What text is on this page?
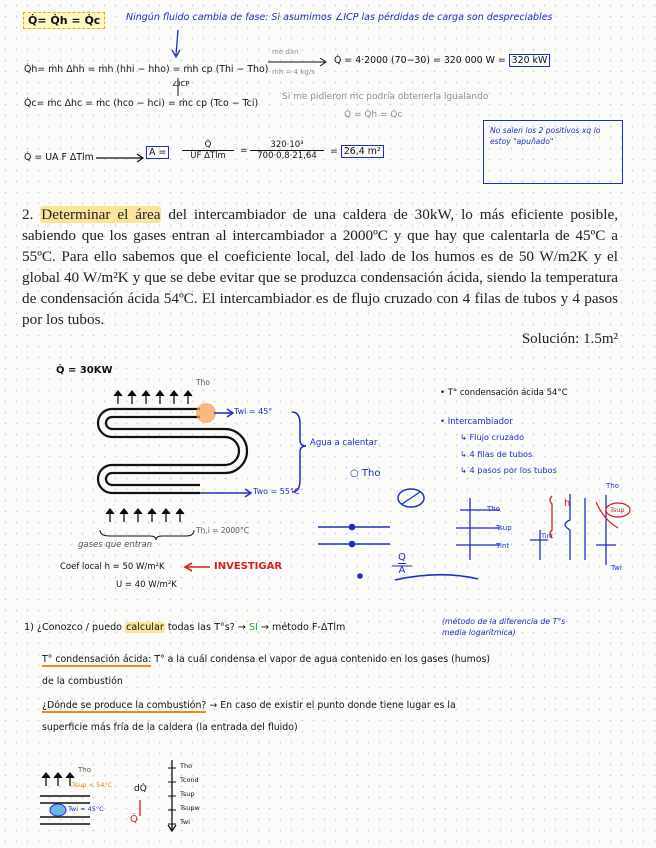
Q̇= Q̇h = Q̇c	Ningún fluido cambia de fase: Si asumimos ∠ICP las pérdidas de carga son despreciables
Q̇h= ṁh Δhh = ṁh (hhi − hho) = ṁh cp (Thi − Tho)
∠ICP
me dan
ṁh = 4 kg/s
Q̇ = 4·2000 (70−30) = 320 000 W = 320 kW
Q̇c= ṁc Δhc = ṁc (hco − hci) = ṁc cp (Tco − Tci)
Si me pidieron ṁc podría obtenerla igualando
Q̇ = Q̇h = Q̇c
Q̇ = UA F ΔTlm	A =
Q̇
UF ΔTlm	=
320·10³
700·0,8·21,64	= 26,4 m²
No salen los 2 positivos xq lo estoy "apuñado"
2. Determinar el área del intercambiador de una caldera de 30kW, lo más eficiente posible, sabiendo que los gases entran al intercambiador a 2000ºC y que hay que calentarla de 45ºC a 55ºC. Para ello sabemos que el coeficiente local, del lado de los humos es de 50 W/m2K y el global 40 W/m²K y que se debe evitar que se produzca condensación ácida, siendo la temperatura de condensación ácida 54ºC. El intercambiador es de flujo cruzado con 4 filas de tubos y 4 pasos por los tubos.
Solución: 1.5m²
Q̇ = 30KW
Tho
Twi = 45°
Two = 55°C
Agua a calentar
○ Tho
Th,i = 2000°C
gases que entran
Coef local h = 50 W/m²K
U = 40 W/m²K
INVESTIGAR
Q
A
• T° condensación ácida 54°C
• Intercambiador
↳ Flujo cruzado
↳ 4 filas de tubos
↳ 4 pasos por los tubos
Tho
Tsup
Tint
h
Tho
Twi
Tsup
Tint
1) ¿Conozco / puedo calcular todas las T°s? → SI → método F-ΔTlm
(método de la diferencia de T°s media logarítmica)
T° condensación ácida: T° a la cuál condensa el vapor de agua contenido en los gases (humos)
de la combustión
¿Dónde se produce la combustión? → En caso de existir el punto donde tiene lugar es la
superficie más fría de la caldera (la entrada del fluido)
Tho
Tsup < 54°C
Twi = 45°C
dQ̇
Q̇
Tho
Tcond
Tsup
Tsupw
Twi
